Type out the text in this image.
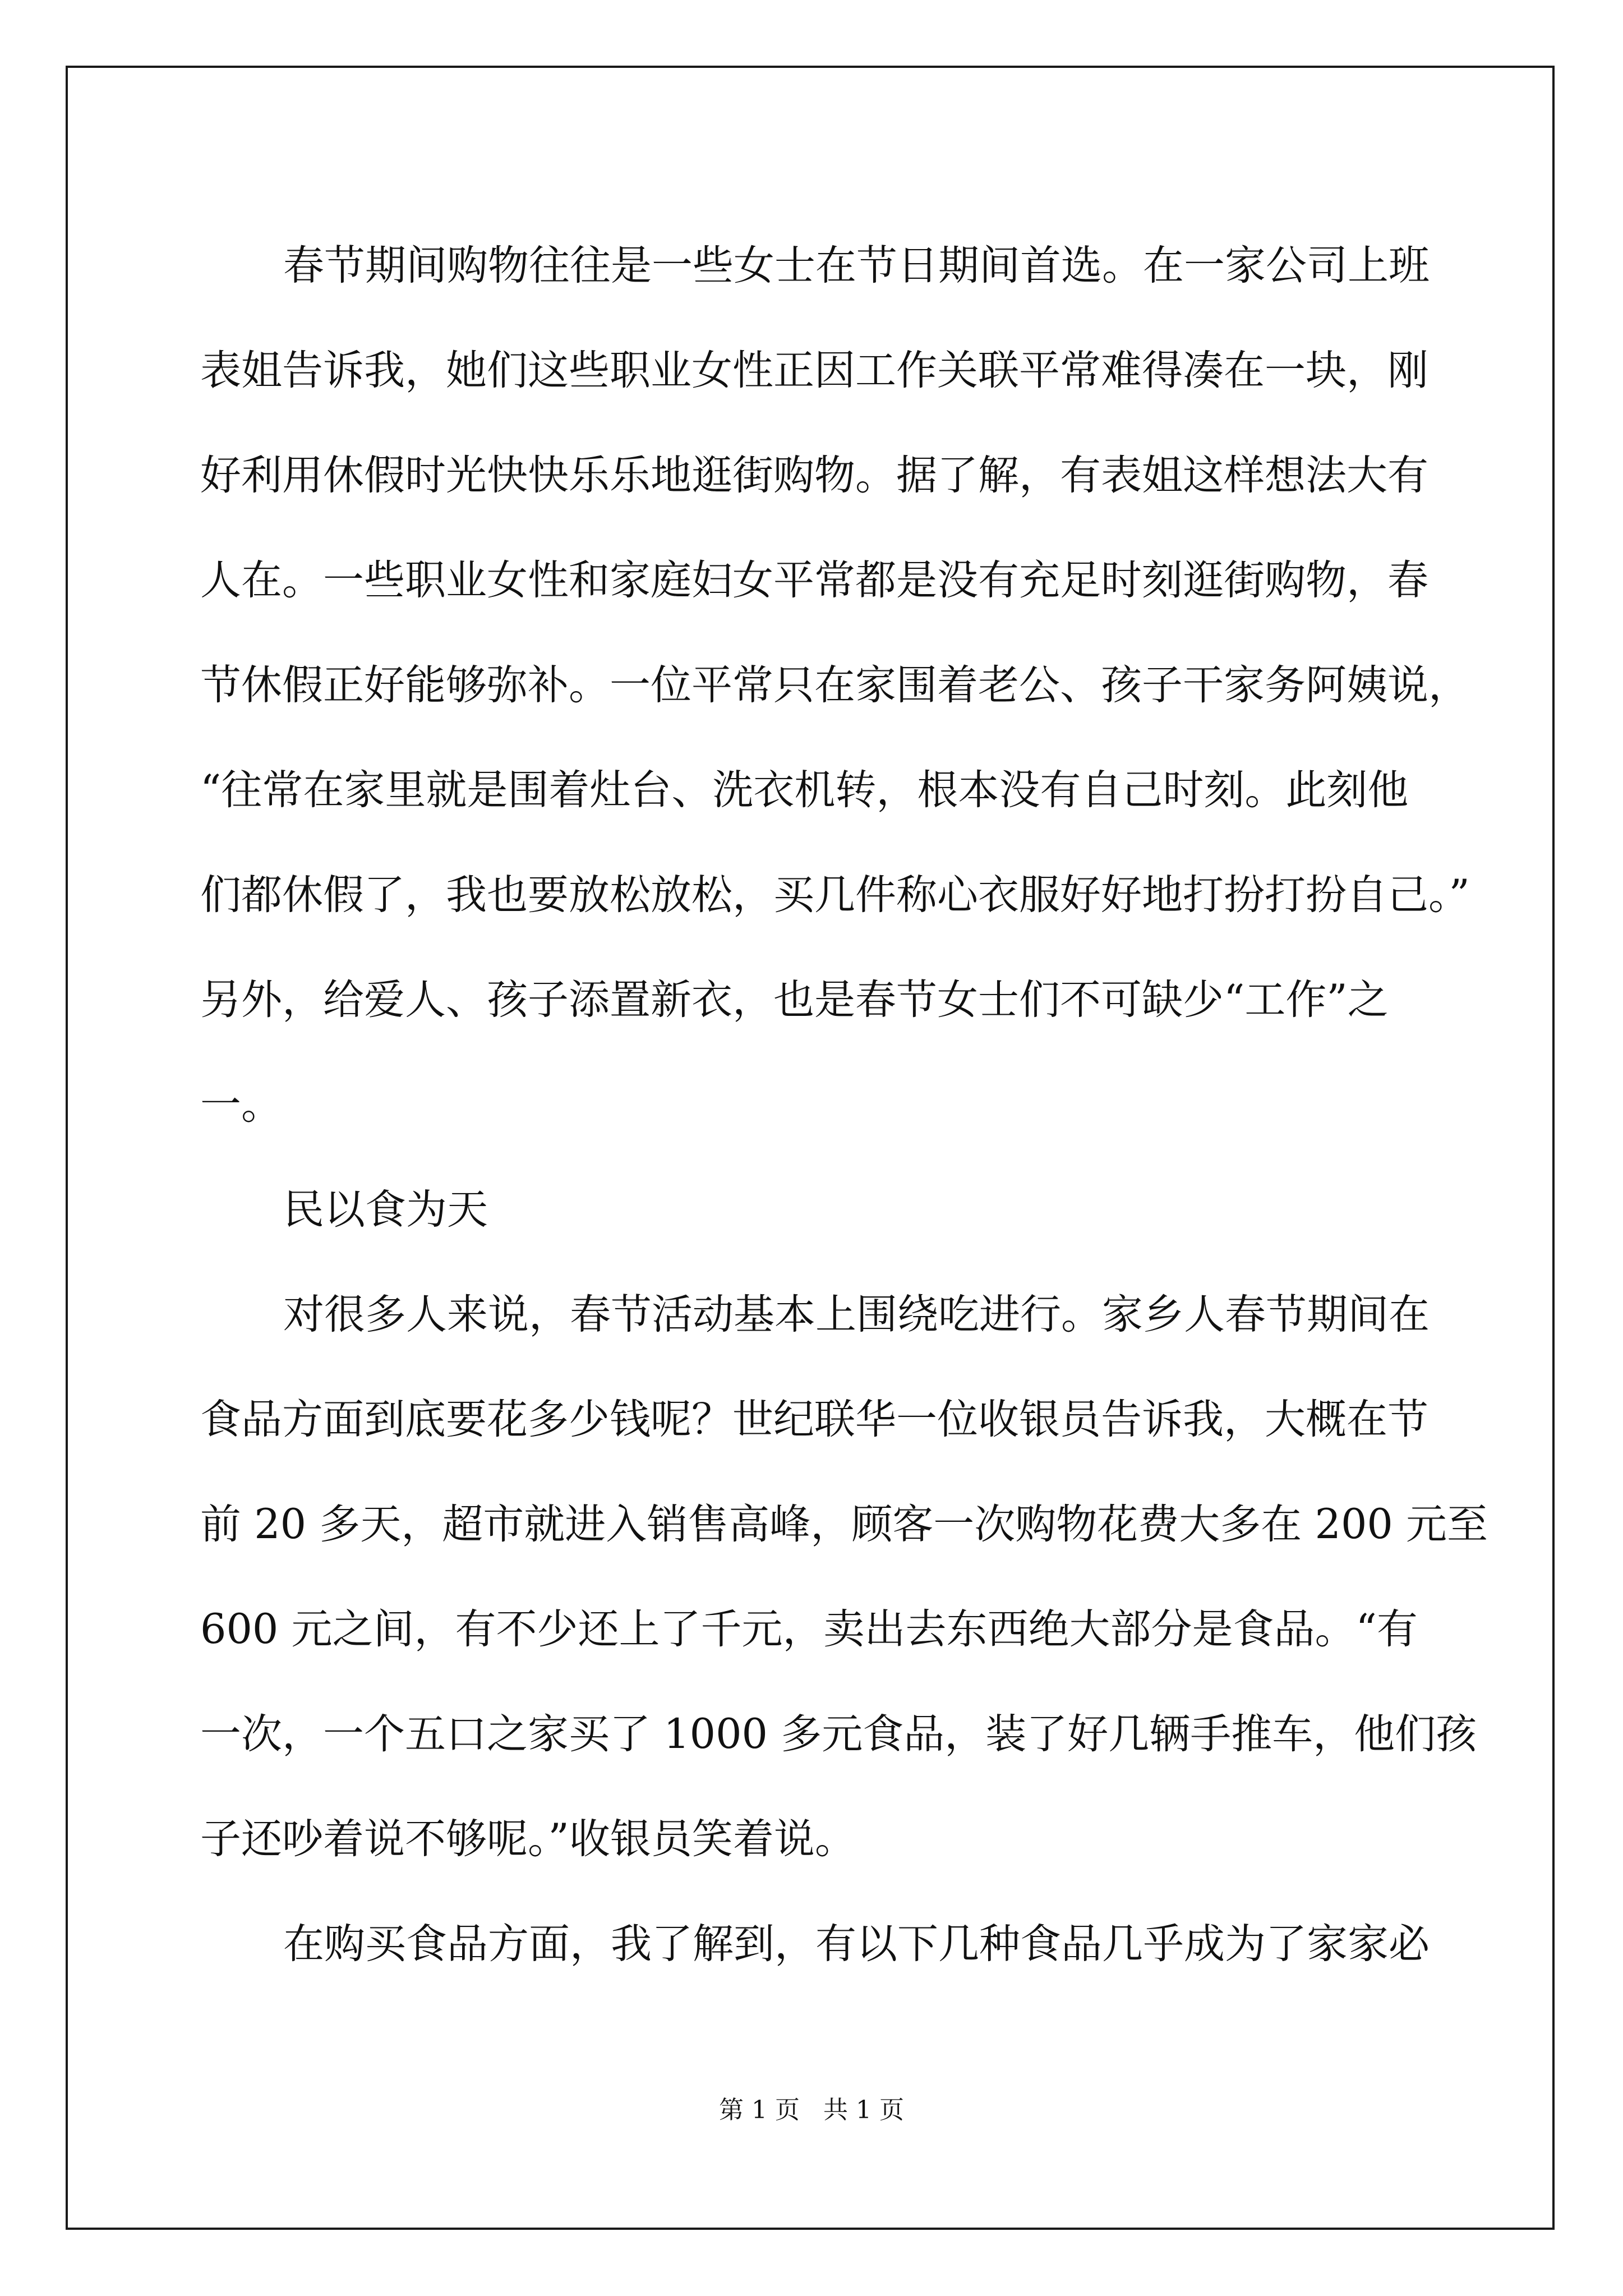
春节期间购物往往是一些女士在节日期间首选。在一家公司上班
表姐告诉我，她们这些职业女性正因工作关联平常难得凑在一块，刚
好利用休假时光快快乐乐地逛街购物。据了解，有表姐这样想法大有
人在。一些职业女性和家庭妇女平常都是没有充足时刻逛街购物，春
节休假正好能够弥补。一位平常只在家围着老公、孩子干家务阿姨说，
“往常在家里就是围着灶台、洗衣机转，根本没有自己时刻。此刻他
们都休假了，我也要放松放松，买几件称心衣服好好地打扮打扮自己。”
另外，给爱人、孩子添置新衣，也是春节女士们不可缺少“工作”之
一。
民以食为天
对很多人来说，春节活动基本上围绕吃进行。家乡人春节期间在
食品方面到底要花多少钱呢？世纪联华一位收银员告诉我，大概在节
前 20 多天，超市就进入销售高峰，顾客一次购物花费大多在 200 元至
600 元之间，有不少还上了千元，卖出去东西绝大部分是食品。“有
一次，一个五口之家买了 1000 多元食品，装了好几辆手推车，他们孩
子还吵着说不够呢。”收银员笑着说。
在购买食品方面，我了解到，有以下几种食品几乎成为了家家必
第 1 页 共 1 页
